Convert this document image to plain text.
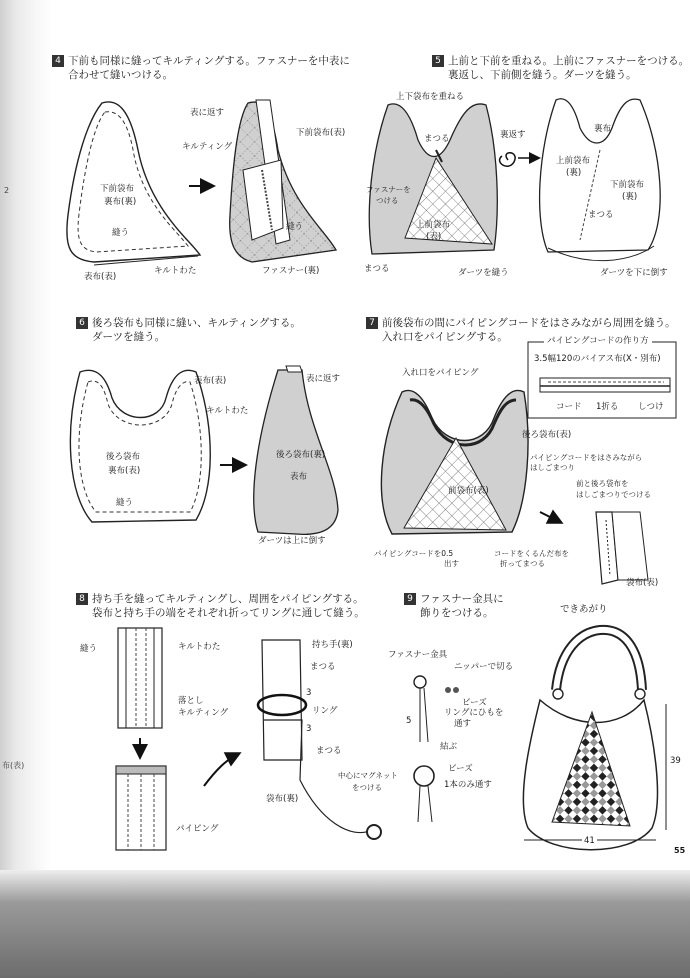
2
布(表)
4 下前も同様に縫ってキルティングする。ファスナーを中表に
合わせて縫いつける。
5 上前と下前を重ねる。上前にファスナーをつける。
裏返し、下前側を縫う。ダーツを縫う。
6 後ろ袋布も同様に縫い、キルティングする。
ダーツを縫う。
7 前後袋布の間にパイピングコードをはさみながら周囲を縫う。
入れ口をパイピングする。
8 持ち手を縫ってキルティングし、周囲をパイピングする。
袋布と持ち手の端をそれぞれ折ってリングに通して縫う。
9 ファスナー金具に
飾りをつける。
下前袋布
裏布(裏)
縫う
表布(表)
キルトわた
表に返す
キルティング
下前袋布(表)
縫う
ファスナー(裏)
上下袋布を重ねる
まつる
ファスナーを
つける
上前袋布
(表)
まつる	ダーツを縫う
裏返す
裏布
上前袋布
(裏)
下前袋布
(裏)
まつる
ダーツを下に倒す
表布(表)
キルトわた
後ろ袋布
裏布(表)
縫う
表に返す
後ろ袋布(裏)
表布
ダーツは上に倒す
パイピングコードの作り方
3.5幅120のバイアス布(X・別布)
コード 1折る しつけ
入れ口をパイピング
後ろ袋布(表)
パイピングコードをはさみながら
はしごまつり
前袋布(表)
パイピングコードを0.5
出す
コードをくるんだ布を
折ってまつる
前と後ろ袋布を
はしごまつりでつける
袋布(表)
縫う	キルトわた
落とし
キルティング
パイピング
持ち手(裏)
まつる
3
リング
3
まつる
袋布(裏)
中心にマグネット
をつける
ファスナー金具
ニッパーで切る
ビーズ
リングにひもを
通す
5
結ぶ
ビーズ
1本のみ通す
できあがり
39
41
55
